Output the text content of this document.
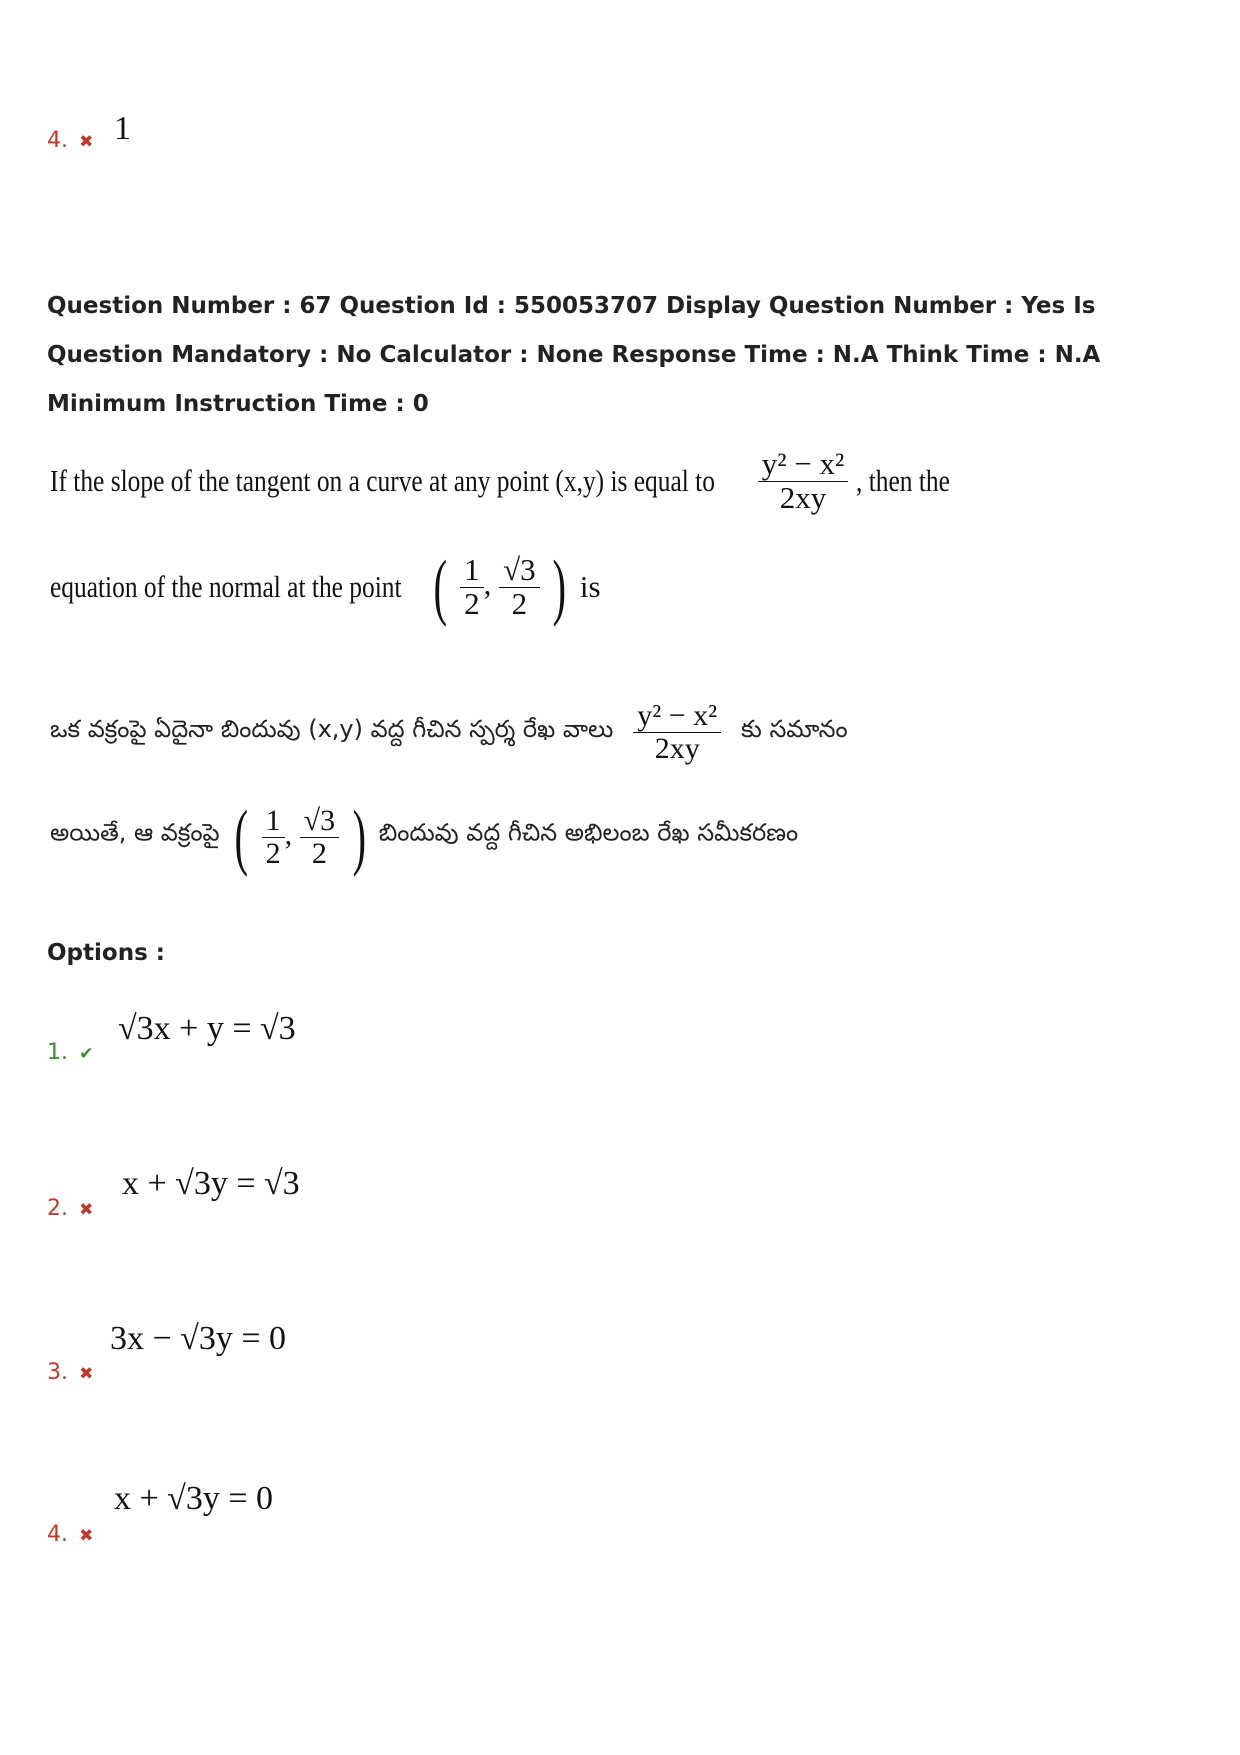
4. ✖ 1
Question Number : 67 Question Id : 550053707 Display Question Number : Yes Is Question Mandatory : No Calculator : None Response Time : N.A Think Time : N.A Minimum Instruction Time : 0
If the slope of the tangent on a curve at any point (x,y) is equal to $\frac{\text{y² − x²}}{2xy}$ , then the
equation of the normal at the point ( $\frac{1}{2}$ , $\frac{√3}{2}$ ) is
ఒక వక్రంపై ఏదైనా బిందువు (x,y) వద్ద గీచిన స్పర్శ రేఖ వాలు $\frac{\text{y² − x²}}{2xy}$ కు సమానం
అయితే, ఆ వక్రంపై ( $\frac{1}{2}$ , $\frac{√3}{2}$ ) బిందువు వద్ద గీచిన అభిలంబ రేఖ సమీకరణం
Options :
1. ✔
√3x + y = √3
2. ✖
x + √3y = √3
3. ✖
3x − √3y = 0
4. ✖
x + √3y = 0
